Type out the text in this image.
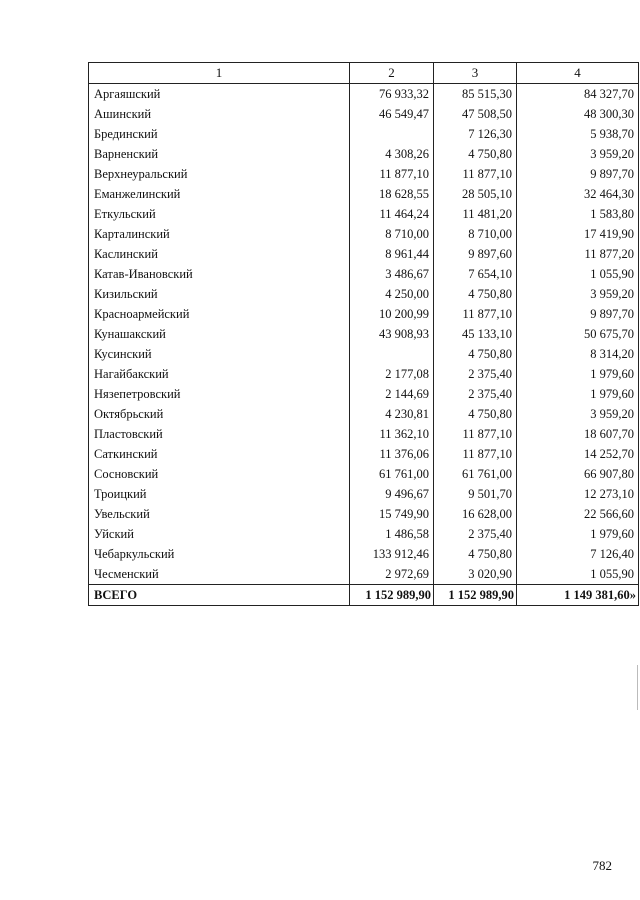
1	2	3	4
Аргаяшский	76 933,32	85 515,30	84 327,70
Ашинский	46 549,47	47 508,50	48 300,30
Брединский		7 126,30	5 938,70
Варненский	4 308,26	4 750,80	3 959,20
Верхнеуральский	11 877,10	11 877,10	9 897,70
Еманжелинский	18 628,55	28 505,10	32 464,30
Еткульский	11 464,24	11 481,20	1 583,80
Карталинский	8 710,00	8 710,00	17 419,90
Каслинский	8 961,44	9 897,60	11 877,20
Катав-Ивановский	3 486,67	7 654,10	1 055,90
Кизильский	4 250,00	4 750,80	3 959,20
Красноармейский	10 200,99	11 877,10	9 897,70
Кунашакский	43 908,93	45 133,10	50 675,70
Кусинский		4 750,80	8 314,20
Нагайбакский	2 177,08	2 375,40	1 979,60
Нязепетровский	2 144,69	2 375,40	1 979,60
Октябрьский	4 230,81	4 750,80	3 959,20
Пластовский	11 362,10	11 877,10	18 607,70
Саткинский	11 376,06	11 877,10	14 252,70
Сосновский	61 761,00	61 761,00	66 907,80
Троицкий	9 496,67	9 501,70	12 273,10
Увельский	15 749,90	16 628,00	22 566,60
Уйский	1 486,58	2 375,40	1 979,60
Чебаркульский	133 912,46	4 750,80	7 126,40
Чесменский	2 972,69	3 020,90	1 055,90
ВСЕГО	1 152 989,90	1 152 989,90	1 149 381,60»
782
